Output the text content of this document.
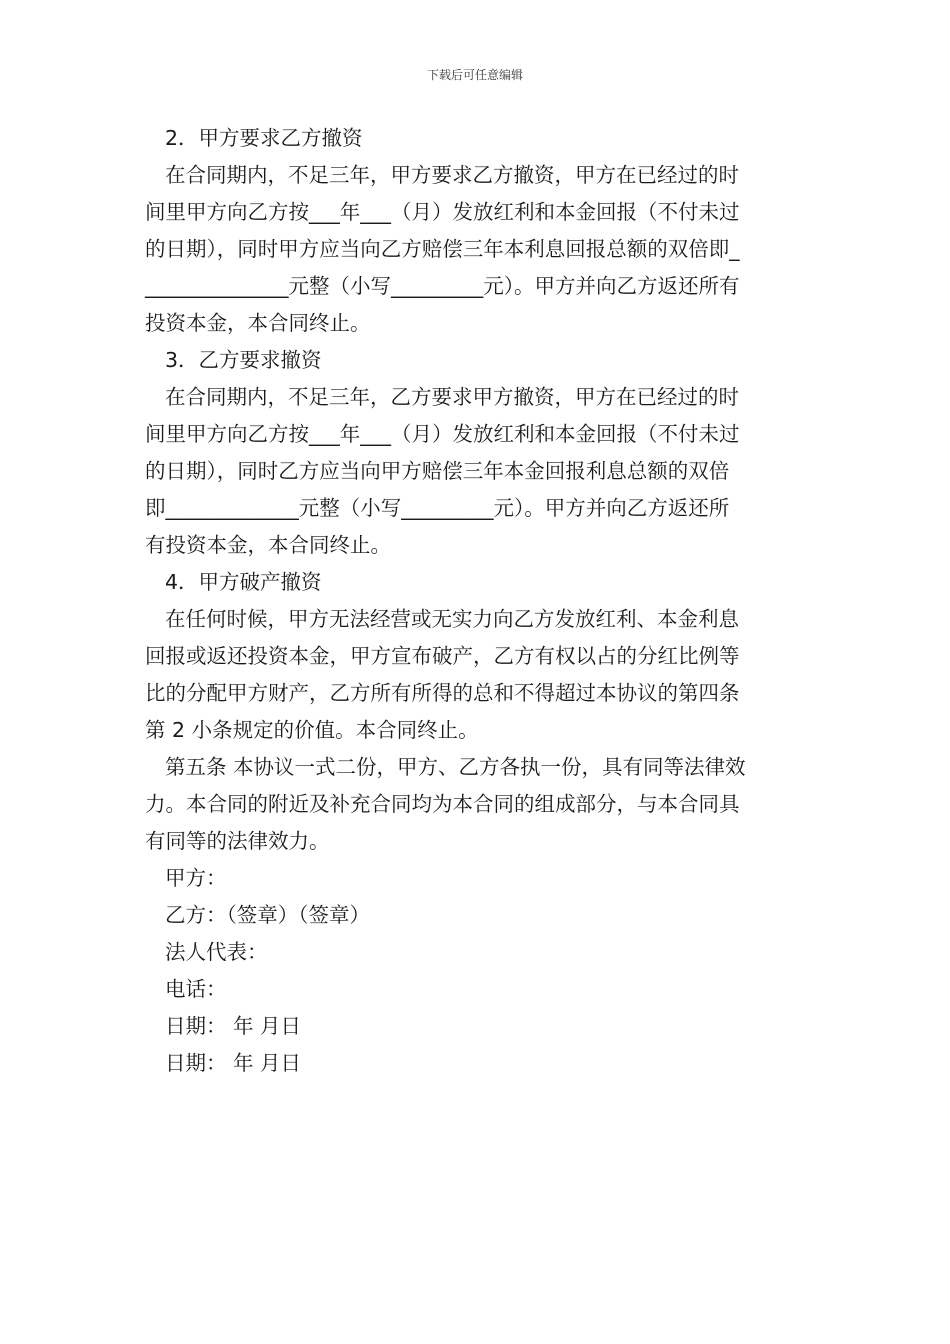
下载后可任意编辑
2．甲方要求乙方撤资
在合同期内，不足三年，甲方要求乙方撤资，甲方在已经过的时
间里甲方向乙方按___年___（月）发放红利和本金回报（不付未过
的日期），同时甲方应当向乙方赔偿三年本利息回报总额的双倍即_
______________元整（小写_________元）。甲方并向乙方返还所有
投资本金，本合同终止。
3．乙方要求撤资
在合同期内，不足三年，乙方要求甲方撤资，甲方在已经过的时
间里甲方向乙方按___年___（月）发放红利和本金回报（不付未过
的日期），同时乙方应当向甲方赔偿三年本金回报利息总额的双倍
即_____________元整（小写_________元）。甲方并向乙方返还所
有投资本金，本合同终止。
4．甲方破产撤资
在任何时候，甲方无法经营或无实力向乙方发放红利、本金利息
回报或返还投资本金，甲方宣布破产，乙方有权以占的分红比例等
比的分配甲方财产，乙方所有所得的总和不得超过本协议的第四条
第 2 小条规定的价值。本合同终止。
第五条 本协议一式二份，甲方、乙方各执一份，具有同等法律效
力。本合同的附近及补充合同均为本合同的组成部分，与本合同具
有同等的法律效力。
甲方：
乙方：（签章）（签章）
法人代表：
电话：
日期： 年 月日
日期： 年 月日
